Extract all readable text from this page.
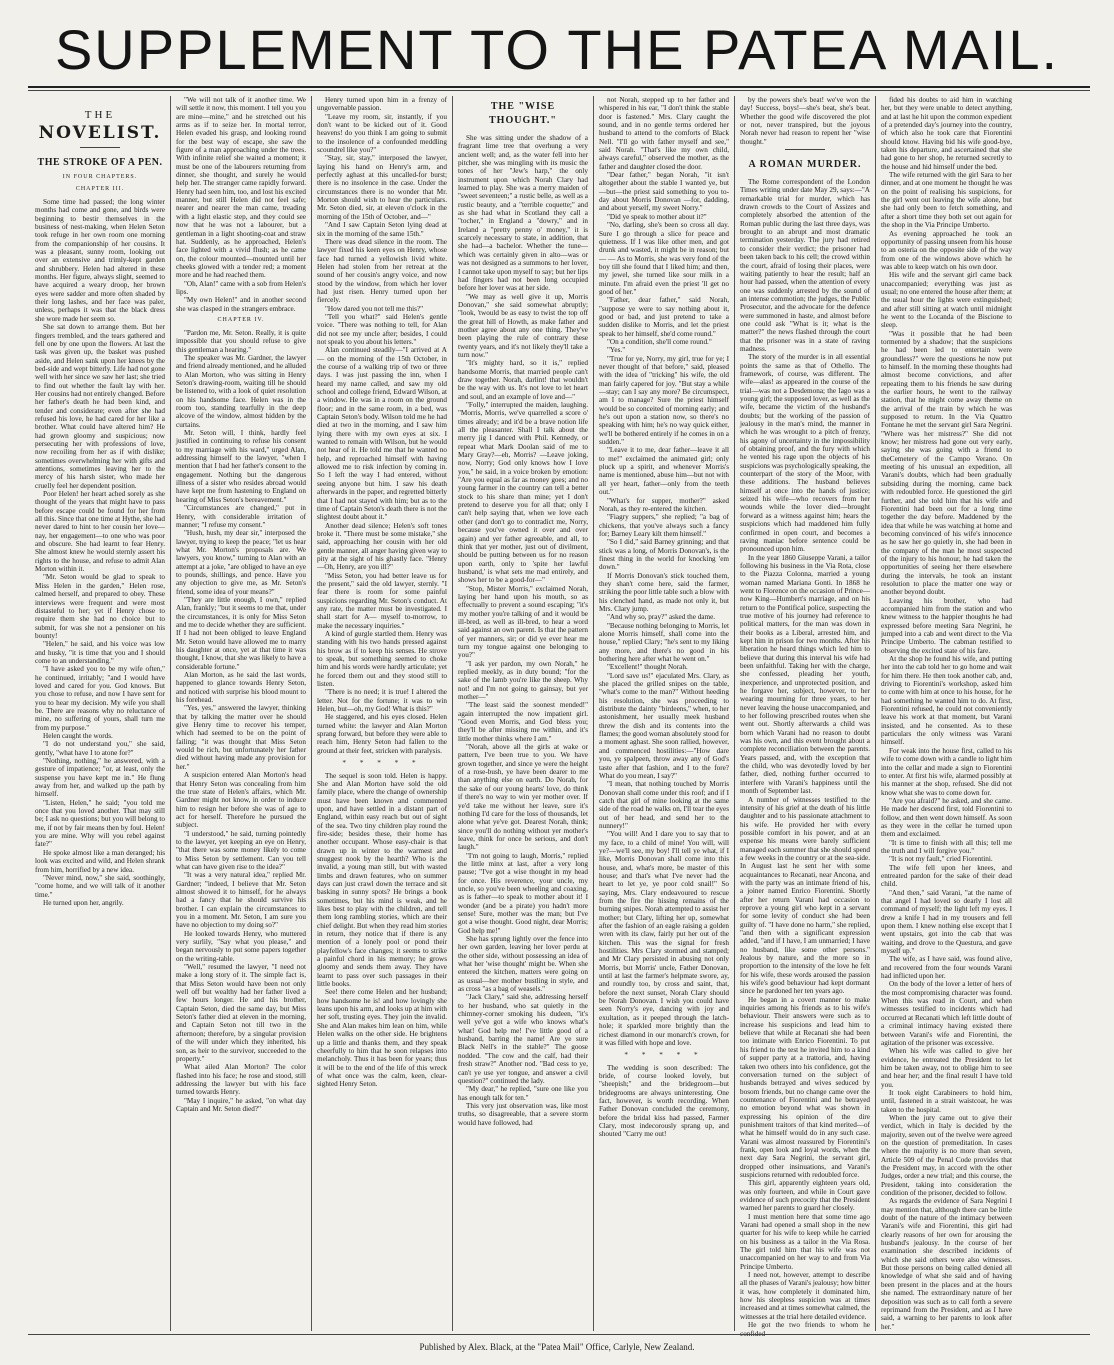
SUPPLEMENT TO THE PATEA MAIL.
THE
NOVELIST.
THE STROKE OF A PEN.
IN FOUR CHAPTERS.
CHAPTER III.

Some time had passed; the long winter months had come and gone, and birds were beginning to bestir themselves in the business of nest-making, when Helen Seton took refuge in her own room one morning from the companionship of her cousins. It was a pleasant, sunny room, looking out over an extensive and trimly-kept garden and shrubbery. Helen had altered in these months. Her figure, always slight, seemed to have acquired a weary droop, her brown eyes were sadder and more often shaded by their long lashes, and her face was paler, unless, perhaps it was that the black dress she wore made her seem so.

She sat down to arrange them. But her fingers trembled, and the tears gathered and fell one by one upon the flowers. At last the task was given up, the basket was pushed aside, and Helen sank upon her knees by the bed-side and wept bitterly. Life had not gone well with her since we saw her last; she tried to find out whether the fault lay with her. Her cousins had not entirely changed. Before her father's death he had been kind, and tender and considerate; even after she had refused his love, he had cared for her like a brother. What could have altered him? He had grown gloomy and suspicious; now persecuting her with professions of love, now recoiling from her as if with dislike; sometimes overwhelming her with gifts and attentions, sometimes leaving her to the mercy of his harsh sister, who made her cruelly feel her dependent position.

Poor Helen! her heart ached sorely as she thought of the years that might have to pass before escape could be found for her from all this. Since that one time at Hythe, she had never dared to hint to her cousin her love—nay, her engagement—to one who was poor and obscure. She had learnt to fear Henry. She almost knew he would sternly assert his rights to the house, and refuse to admit Alan Morton within it.

"Mr. Seton would be glad to speak to Miss Helen in the garden," Helen rose, calmed herself, and prepared to obey. These interviews were frequent and were most distasteful to her; yet if Henry chose to require them she had no choice but to submit, for was she not a pensioner on his bounty!

"Helen," he said, and his voice was low and husky, "it is time that you and I should come to an understanding."

"I have asked you to be my wife often," he continued, irritably; "and I would have loved and cared for you. God knows. But you chose to refuse, and now I have sent for you to hear my decision. My wife you shall be. There are reasons why no reluctance of mine, no suffering of yours, shall turn me from my purpose."

Helen caught the words.

"I do not understand you," she said, gently, "what have I to atone for?"

"Nothing, nothing," he answered, with a gesture of impatience; "or, at least, only the suspense you have kept me in." He flung away from her, and walked up the path by himself.

"Listen, Helen," he said; "you told me once that you loved another. That may still be; I ask no questions; but you will belong to me, if not by fair means then by foul. Helen! you are mine. Why will you rebel against fate?"

He spoke almost like a man deranged; his look was excited and wild, and Helen shrank from him, horrified by a new idea.

"Never mind, now," she said, soothingly, "come home, and we will talk of it another time."

He turned upon her, angrily.

"We will not talk of it another time. We will settle it now, this moment. I tell you you are mine—mine," and he stretched out his arms as if to seize her. In mortal terror, Helen evaded his grasp, and looking round for the best way of escape, she saw the figure of a man approaching under the trees. With infinite relief she waited a moment; it must be one of the labourers returning from dinner, she thought, and surely he would help her. The stranger came rapidly forward. Henry had seen him, too, and lost his excited manner, but still Helen did not feel safe; nearer and nearer the man came, treading with a light elastic step, and they could see now that he was not a labourer, but a gentleman in a light shooting-coat and straw hat. Suddenly, as he approached, Helen's face lighted with a vivid flush; as he came on, the colour mounted—mounted until her cheeks glowed with a tender red; a moment more and he had reached them.

"Oh, Alan!" came with a sob from Helen's lips.

"My own Helen!" and in another second she was clasped in the strangers embrace.

CHAPTER IV.

"Pardon me, Mr. Seton. Really, it is quite impossible that you should refuse to give this gentleman a hearing."

The speaker was Mr. Gardner, the lawyer and friend already mentioned, and he alluded to Alan Morton, who was sitting in Henry Seton's drawing-room, waiting till he should be listened to, with a look of quiet resolution on his handsome face. Helen was in the room too, standing tearfully in the deep alcove of the window, almost hidden by the curtains.

Mr. Seton will, I think, hardly feel justified in continuing to refuse his consent to my marriage with his ward," urged Alan, addressing himself to the lawyer, "when I mention that I had her father's consent to the engagement. Nothing but the dangerous illness of a sister who resides abroad would have kept me from hastening to England on hearing of Miss Seton's bereavement."

"Circumstances are changed," put in Henry, with considerable irritation of manner; "I refuse my consent."

"Hush, hush, my dear sir," interposed the lawyer, trying to keep the peace; "let us hear what Mr. Morton's proposals are. We lawyers, you know," turning to Alan with an attempt at a joke, "are obliged to have an eye to pounds, shillings, and pence. Have you any objection to give me, as Mr. Seton's friend, some idea of your means?"

"They are little enough, I own," replied Alan, frankly; "but it seems to me that, under the circumstances, it is only for Miss Seton and me to decide whether they are sufficient. If I had not been obliged to leave England Mr. Seton would have allowed me to marry his daughter at once, yet at that time it was thought, I know, that she was likely to have a considerable fortune."

Alan Morton, as he said the last words, happened to glance towards Henry Seton, and noticed with surprise his blood mount to his forehead.

"Yes, yes," answered the lawyer, thinking that by talking the matter over he should give Henry time to recover his temper, which had seemed to be on the point of failing; "it was thought that Miss Seton would be rich, but unfortunately her father died without having made any provision for her."

A suspicion entered Alan Morton's head that Henry Seton was concealing from him the true state of Helen's affairs, which Mr. Gardner might not know, in order to induce him to resign her before she was of age to act for herself. Therefore he pursued the subject.

"I understood," he said, turning pointedly to the lawyer, yet keeping an eye on Henry, "that there was some money likely to come to Miss Seton by settlement. Can you tell what can have given rise to the idea?"

"It was a very natural idea," replied Mr. Gardner; "indeed, I believe that Mr. Seton almost showed it to himself, for he always had a fancy that he should survive his brother. I can explain the circumstances to you in a moment. Mr. Seton, I am sure you have no objection to my doing so?"

He looked towards Henry, who muttered very surlily, "Say what you please," and began nervously to put some papers together on the writing-table.

"Well," resumed the lawyer, "I need not make a long story of it. The simple fact is, that Miss Seton would have been not only well off but wealthy had her father lived a few hours longer. He and his brother, Captain Seton, died the same day, but Miss Seton's father died at eleven in the morning, and Captain Seton not till two in the afternoon; therefore, by a singular provision of the will under which they inherited, his son, as heir to the survivor, succeeded to the property."

What ailed Alan Morton? The color flashed into his face; he rose and stood, still addressing the lawyer but with his face turned towards Henry.

"May I inquire," he asked, "on what day Captain and Mr. Seton died?"

Henry turned upon him in a frenzy of ungovernable passion.

"Leave my room, sir, instantly, if you don't want to be kicked out of it. Good heavens! do you think I am going to submit to the insolence of a confounded meddling scoundrel like you?"

"Stay, sir, stay," interposed the lawyer, laying his hand on Henry's arm, and perfectly aghast at this uncalled-for burst; there is no insolence in the case. Under the circumstances there is no wonder that Mr. Morton should wish to hear the particulars. Mr. Seton died, sir, at eleven o'clock in the morning of the 15th of October, and—"

"And I saw Captain Seton lying dead at six in the morning of the same 15th."

There was dead silence in the room. The lawyer fixed his keen eyes on Henry, whose face had turned a yellowish livid white. Helen had stolen from her retreat at the sound of her cousin's angry voice, and now stood by the window, from which her lover had just risen. Henry turned upon her fiercely.

"How dared you not tell me this?"

"Tell you what?" said Helen's gentle voice. "There was nothing to tell, for Alan did not see my uncle after; besides, I could not speak to you about his letters."

Alan continued steadily—"I arrived at A— on the morning of the 15th October, in the course of a walking trip of two or three days. I was just passing the inn, when I heard my name called, and saw my old school and college friend, Edward Wilson, at a window. He was in a room on the ground floor; and in the same room, in a bed, was Captain Seton's body. Wilson told me he had died at two in the morning, and I saw him lying there with my own eyes at six. I wanted to remain with Wilson, but he would not hear of it. He told me that he wanted no help, and reproached himself with having allowed me to risk infection by coming in. So I left the way I had entered, without seeing anyone but him. I saw his death afterwards in the paper, and regretted bitterly that I had not stayed with him; but as to the time of Captain Seton's death there is not the slightest doubt about it."

Another dead silence; Helen's soft tones broke it. "There must be some mistake," she said, approaching her cousin with her old gentle manner, all anger having given way to pity at the sight of his ghastly face. "Henry—Oh, Henry, are you ill?"

"Miss Seton, you had better leave us for the present," said the old lawyer, sternly. "I fear there is room for some painful suspicions regarding Mr. Seton's conduct. At any rate, the matter must be investigated. I shall start for A— myself to-morrow, to make the necessary inquiries."

A kind of gurgle startled them. Henry was standing with his two hands pressed against his brow as if to keep his senses. He strove to speak, but something seemed to choke him and his words were hardly articulate; yet he forced them out and they stood still to listen.

"There is no need; it is true! I altered the letter. Not for the fortune; it was to win Helen, but—oh, my God! What is this?"

He staggered, and his eyes closed. Helen turned white: the lawyer and Alan Morton sprang forward, but before they were able to reach him, Henry Seton had fallen to the ground at their feet, stricken with paralysis.

* * * * *

The sequel is soon told. Helen is happy. She and Alan Morton have sold the old family place, where the change of ownership must have been known and commented upon, and have settled in a distant part of England, within easy reach but out of sight of the sea. Two tiny children play round the fire-side; besides these, their home has another occupant. Whose easy-chair is that drawn up in winter to the warmest and snuggest nook by the hearth? Who is the invalid, a young man still, but with wasted limbs and drawn features, who on summer days can just crawl down the terrace and sit basking in sunny spots? He brings a book sometimes, but his mind is weak, and he likes best to play with the children, and tell them long rambling stories, which are their chief delight. But when they read him stories in return, they notice that if there is any mention of a lonely pool or pond their playfellow's face changes; it seems to strike a painful chord in his memory; he grows gloomy and sends them away. They have learnt to pass over such passages in their little books.

See! there come Helen and her husband; how handsome he is! and how lovingly she leans upon his arm, and looks up at him with her soft, trusting eyes. They join the invalid. She and Alan makes him lean on him, while Helen walks on the other side. He brightens up a little and thanks them, and they speak cheerfully to him that he soon relapses into melancholy. Thus it has been for years; thus it will be to the end of the life of this wreck of what once was the calm, keen, clear-sighted Henry Seton.

THE "WISE THOUGHT."

She was sitting under the shadow of a fragrant lime tree that overhung a very ancient well; and, as the water fell into her pitcher, she was mingling with its music the tones of her "Jew's harp," the only instrument upon which Norah Clary had learned to play. She was a merry maiden of "sweet seventeen;" a rustic belle, as well as a rustic beauty, and a "terrible coquette;" and as she had what in Scotland they call a "tocher," in England a "dowry," and in Ireland a "pretty penny o' money," it is scarcely necessary to state, in addition, that she had—a bachelor. Whether the tune—which was certainly given in alto—was or was not designed as a summons to her lover, I cannot take upon myself to say; but her lips had fingers had not been long occupied before her lover was at her side.

"We may as well give it up, Morris Donovan," she said somewhat abruptly; "look, 'twould be as easy to twist the top off the great hill of Howth, as make father and mother agree about any one thing. They've been playing the rule of contrary these twenty years, and it's not likely they'll take a turn now."

"It's mighty hard, so it is," replied handsome Morris, that married people can't draw together. Norah, darlint! that wouldn't be the way with us. It's not love to let heart and soul, and an example of love and—"

"Folly," interrupted the maiden, laughing. "Morris, Morris, we've quarrelled a score o' times already; and it'd be a brave notion life all the pleasanter. Shall I talk about the merry jig I danced with Phil. Kennedy, or repeat what Mark Doolan said of me to Mary Gray?—eh, Morris? —Leave joking, now, Norry; God only knows how I love you," he said, in a voice broken by emotion: "Are you equal as far as money goes; and no young farmer in the country can tell a better stock to his share than mine; yet I don't pretend to deserve you for all that; only I can't help saying that, when we love each other (and don't go to contradict me, Norry, because you've owned it over and over again) and yer father agreeable, and all, to think that yer mother, just out of divilment, should be putting between us for no reason upon earth, only to 'spite her lawful husband,' is what sets me mad entirely, and shows her to be a good-for—"

"Stop, Mister Morris," exclaimed Norah, laying her hand upon his mouth, so as effectually to prevent a sound escaping; "it's my mother you're talking of and it would be ill-bred, as well as ill-bred, to hear a word said against an own parent. Is that the pattern of yer manners, sir; or did ye ever hear me turn my tongue against one belonging to you?"

"I ask yer pardon, my own Norah," he replied meekly, as in duty bound; "for the sake of the lamb you're like the sheep. Why not! and I'm not going to gainsay, but yer mother—"

"The least said the soonest mended!" again interrupted the now impatient girl. "Good even Morris, and God bless you; they'll be after missing me within, and it's little mother thinks where I am."

"Norah, above all the girls at wake or pattern, I've been true to you. We have grown together, and since ye were the height of a rose-bush, ye have been dearer to me than anything else on earth. Do Norah, for the sake of our young hearts' love, do think if there's no way to win yer mother over. If ye'd take me without her leave, sure it's nothing I'd care for the loss of thousands, let alone what ye've got. Dearest Norah, think; since you'll do nothing without yer mother's leave, think for once be serious, and don't laugh."

"I'm not going to laugh, Morris," replied the little minx at last, after a very long pause; "I've got a wise thought in my head for once. His reverence, your uncle, my uncle, so you've been wheeling and coaxing, as is father—to speak to mother about it! I wonder (and be a pirate) you hadn't more sense! Sure, mother was the man; but I've got a wise thought. Good night, dear Morris; God help me!"

She has sprung lightly over the fence into her own garden, leaving her lover perdu at the other side, without possessing an idea of what her 'wise thought' might be. When she entered the kitchen, matters were going on as usual—her mother bustling in style, and as cross "as a bag of weasels."

"Jack Clary," said she, addressing herself to her husband, who sat quietly in the chimney-corner smoking his dudeen, "it's well ye've got a wife who knows what's what! God help me! I've little good of a husband, barring the name! Are ye sure Black Nell's in the stable?" The goose nodded. "The cow and the calf, had their fresh straw?" Another nod. "Bad cess to ye, can't ye use yer tongue, and answer a civil question?" continued the lady.

"My dear," he replied, "sure one like you has enough talk for ten."

This very just observation was, like most truths, so disagreeable, that a severe storm would have followed, had

not Norah, stepped up to her father and whispered in his ear, "I don't think the stable door is fastened." Mrs. Clary caught the sound, and in no gentle terms ordered her husband to attend to the comforts of Black Nell. "I'll go with father myself and see," said Norah. "That's like my own child, always careful," observed the mother, as the father and daughter closed the door.

"Dear father," began Norah, "it isn't altogether about the stable I wanted ye, but—but—the priest said something to you to-day about Morris Donovan —for, dadding, and about yerself, my sweet Norry."

"Did ye speak to mother about it?"

"No, darling, she's been so cross all day. Sure I go through a slice for peace and quietness. If I was like other men, and got drunk and wasted, it might be in reason; but — — As to Morris, she was very fond of the boy till she found that I liked him; and then, my jewel, she turned like sour milk in a minute. I'm afraid even the priest 'll get no good of her."

"Father, dear father," said Norah, "suppose ye were to say nothing about it, good or bad, and just pretend to take a sudden dislike to Morris, and let the priest speak to her himself, she'd come round."

"On a condition, she'll come round."

"Yes."

"True for ye, Norry, my girl, true for ye; I never thought of that before," said, pleased with the idea of "tricking" his wife, the old man fairly capered for joy. "But stay a while—stay; can I say any more? Be circumspect, am I to manage? Sure the priest himself would be so conceited of morning early; and he's out upon a station now, so there's no speaking with him; he's no way quick either, we'll be bothered entirely if he comes in on a sudden."

"Leave it to me, dear father—leave it all to me!" exclaimed the animated girl; only pluck up a spirit, and whenever Morris's name is mentioned, abuse him—but not with all yer heart, father—only from the teeth out."

"What's for supper, mother?" asked Norah, as they re-entered the kitchen.

"Fiagry suppers," she replied; "a bag of chickens, that you've always such a fancy for; Barney Leary kilt them himself."

"So I did," said Barney grinning; and that stick was a long, of Morris Donovan's, is the finest thing in the world for knocking 'em down."

If Morris Donovan's stick touched them, they shan't come here, said the farmer, striking the poor little table such a blow with his clenched hand, as made not only it, but Mrs. Clary jump.

"And why so, pray?" asked the dame.

"Because nothing belonging to Morris, let alone Morris himself, shall come into the house," replied Clary; "he's sent to my liking any more, and there's no good in his bothering here after what he went on."

"Excellent!" thought Norah.

"Lord save us!" ejaculated Mrs. Clary, as she placed the grilled snipes on the table, "what's come to the man?" Without heeding his resolution, she was proceeding to distribute the dainty "birdeens," when, to her astonishment, her usually meek husband threw the dish and its contents into the flames; the good woman absolutely stood for a moment aghast. She soon rallied, however, and commenced hostilities:—"How dare you, ye spalpeen, throw away any of God's taste after that fashion, and I to the fore? What do you mean, I say?"

"I mean, that nothing touched by Morris Donovan shall come under this roof; and if I catch that girl of mine looking at the same side of the road he walks on, I'll tear the eyes out of her head, and send her to the nunnery!"

"You will! And I dare you to say that to my face, to a child of mine! You will, will ye?—we'll see, my boy! I'll tell ye what, if I like, Morris Donovan shall come into this house, and, what's more, be master of this house; and that's what I've never had the heart to let ye, ye poor cold snail!" So saying, Mrs. Clary endeavoured to rescue from the fire the hissing remains of the burning snipes. Norah attempted to assist her mother; but Clary, lifting her up, somewhat after the fashion of an eagle raising a golden wren with its claw, fairly put her out of the kitchen. This was the signal for fresh hostilities. Mrs Clary stormed and stamped; and Mr Clary persisted in abusing not only Morris, but Morris' uncle, Father Donovan, until at last the farmer's helpmate swore, ay, and roundly too, by cross and saint, that, before the next sunset, Norah Clary should be Norah Donovan. I wish you could have seen Norry's eye, dancing with joy and exultation, as it peeped through the latch-hole; it sparkled more brightly than the richest diamond in our monarch's crown, for it was filled with hope and love.

* * * * *

The wedding is soon described: The bride, of course looked lovely, but "sheepish;" and the bridegroom—but bridegrooms are always uninteresting. One fact, however, is worth recording. When Father Donovan concluded the ceremony, before the bridal kiss had passed, Farmer Clary, most indecorously sprang up, and shouted "Carry me out!

by the powers she's beat! we've won the day! Success, boys!—she's beat, she's beat. Whether the good wife discovered the plot or not, never transpired, but the joyous Norah never had reason to repent her "wise thought."

A ROMAN MURDER.

The Rome correspondent of the London Times writing under date May 29, says:—"A remarkable trial for murder, which has drawn crowds to the Court of Assizes and completely absorbed the attention of the Roman public during the last three days, was brought to an abrupt and most dramatic termination yesterday. The jury had retired to consider their verdict; the prisoner had been taken back to his cell; the crowd within the court, afraid of losing their places, were waiting patiently to hear the result; half an hour had passed, when the attention of every one was suddenly arrested by the sound of an intense commotion; the judges, the Public Prosecutor, and the advocate for the defence were summoned in haste, and almost before one could ask "What is it; what is the matter?" the news flashed through the court that the prisoner was in a state of raving madness.

The story of the murder is in all essential points the same as that of Othello. The framework, of course, was different. The wife—alas! as appeared in the course of the trial—was not a Desdemona; the Iago was a young girl; the supposed lover, as well as the wife, became the victim of the husband's doubts; but the working of the passion of jealousy in the man's mind, the manner in which he was wrought to a pitch of frenzy, his agony of uncertainty in the impossibility of obtaining proof, and the fury with which he vented his rage upon the objects of his suspicions was psychologically speaking, the counterpart of the story of the Moor, with these additions. The husband believes himself at once into the hands of justice; seized his wife—who recovers from her wounds while the lover died—brought forward as a witness against him; hears the suspicions which had maddened him fully confirmed in open court, and becomes a raving maniac before sentence could be pronounced upon him.

In the year 1860 Giuseppe Varani, a tailor following his business in the Via Rota, close to the Piazza Colonna, married a young woman named Mariana Gonti. In 1868 he went to Florence on the occasion of Prince—now King—Humbert's marriage, and on his return to the Pontifical police, suspecting the true motive of his journey had reference to political matters, for the man was down in their books as a Liberal, arrested him, and kept him in prison for two months. After his liberation he heard things which led him to believe that during this interval his wife had been unfaithful. Taking her with the charge, she confessed, pleading her youth, inexperience, and unprotected position, and he forgave her, subject, however, to her wearing mourning for three years, to her never leaving the house unaccompanied, and to her following prescribed routes when she went out. Shortly afterwards a child was born which Varani had no reason to doubt was his own, and this event brought about a complete reconciliation between the parents. Years passed, and, with the exception that the child, who was devotedly loved by her father, died, nothing further occurred to interfere with Varani's happiness until the month of September last.

A number of witnesses testified to the intensity of his grief at the death of his little daughter and to his passionate attachment to his wife. He provided her with every possible comfort in his power, and at an expense his means were barely sufficient managed each summer that she should spend a few weeks in the country or at the sea-side. In August last he sent her with some acquaintances to Recanati, near Ancona, and with the party was an intimate friend of his, a joiner named Enrico Fiorentini. Shortly after her return Varani had occasion to reprove a young girl who kept in a servant for some levity of conduct she had been guilty of. "I have done no harm," she replied, "and then with a significant expression added, "and if I have, I am unmarried; I have no husband, like some other persons." Jealous by nature, and the more so in proportion to the intensity of the love he felt for his wife, these words aroused the passion his wife's good behaviour had kept dormant since he pardoned her ten years ago.

He began in a covert manner to make inquiries among his friends as to his wife's behaviour. Their answers were such as to increase his suspicions and lead him to believe that while at Recanati she had been too intimate with Enrico Fiorentini. To put his friend to the test he invited him to a kind of supper party at a trattoria, and, having taken two others into his confidence, got the conversation turned on the subject of husbands betrayed and wives seduced by bosom friends, but no change came over the countenance of Fiorentini and he betrayed no emotion beyond what was shown in expressing his opinion of the dire punishment traitors of that kind merited—of what he himself would do in any such case. Varani was almost reassured by Fiorentini's frank, open look and loyal words, when the next day Sara Negrini, the servant girl, dropped other insinuations, and Varani's suspicions returned with redoubled force.

This girl, apparently eighteen years old, was only fourteen, and while in Court gave evidence of such precocity that the President warned her parents to guard her closely.

I must mention here that some time ago Varani had opened a small shop in the new quarter for his wife to keep while he carried on his business as a tailor in the Via Rosa. The girl told him that his wife was not unaccompanied on her way to and from Via Principe Umberto.

I need not, however, attempt to describe all the phases of Varani's jealousy; how bitter it was, how completely it dominated him, how his sleepless suspicion was at times increased and at times somewhat calmed, the witnesses at the trial here detailed evidence.

He got the two friends to whom he confided

fided his doubts to aid him in watching her, but they were unable to detect anything, and at last he hit upon the common expedient of a pretended day's journey into the country, of which also he took care that Fiorentini should know. Having bid his wife good-bye, taken his departure, and ascertained that she had gone to her shop, he returned secretly to the house and hid himself under the bed.

The wife returned with the girl Sara to her dinner, and at one moment he thought he was on the point of realising his suspicions, for the girl went out leaving the wife alone, but she had only been to fetch something, and after a short time they both set out again for the shop in the Via Principe Umberto.

As evening approached he took an opportunity of passing unseen from his house to an osteria on the opposite side of the way from one of the windows above which he was able to keep watch on his own door.

His wife and the servant girl came back unaccompanied; everything was just as usual; no one entered the house after them; at the usual hour the lights were extinguished; and after still sitting at watch until midnight he went to the Locanda of the Biscione to sleep.

"Was it possible that he had been tormented by a shadow; that the suspicions he had been led to entertain were groundless?" were the questions he now put to himself. In the morning these thoughts had almost become convictions, and after repeating them to his friends he saw during the earlier hours, he went to the railway station, that he might come away theme on the arrival of the train by which he was supposed to return. In the Via Quattro Fontane he met the servant girl Sara Negrini. "Where was her mistress?" She did not know; her mistress had gone out very early, saying she was going with a friend to theCemetery of the Campo Verano. On meeting of his unusual an expedition, all Varani's doubts, which had been gradually subsiding during the morning, came back with redoubled force. He questioned the girl further, and she told him that his wife and Fiorentini had been out for a long time together the day before. Maddened by the idea that while he was watching at home and becoming convinced of his wife's innocence as he saw her go quietly in, she had been in the company of the man he most suspected of the injury to his honour, he had taken the opportunities of seeing her there elsewhere during the intervals, he took an instant resolution to place the matter one way or another beyond doubt.

Leaving his brother, who had accompanied him from the station and who knew witness to the happier thoughts he had expressed before meeting Sara Negrini, he jumped into a cab and went direct to the Via Principe Umberto. The cabman testified to observing the excited state of his fare.

At the shop he found his wife, and putting her into the cab told her to go home and wait for him there. He then took another cab, and, driving to Fiorentini's workshop, asked him to come with him at once to his house, for he had something he wanted him to do. At first, Fiorentini refused, he could not conveniently leave his work at that moment, but Varani insisted, and he consented. As to these particulars the only witness was Varani himself.

For weak into the house first, called to his wife to come down with a candle to light him into the cellar and made a sign to Fiorentini to enter. At first his wife, alarmed possibly at his manner at the shop, refused. She did not know what she was to come down for.

"Are you afraid?" he asked, and she came. He made her descend first, told Fiorentini to follow, and then went down himself. As soon as they were in the cellar he turned upon them and exclaimed.

"It is time to finish with all this; tell me the truth and I will forgive you."

"It is not my fault," cried Fiorentini.

The wife fell upon her knees, and entreated pardon for the sake of their dead child.

"And then," said Varani, "at the name of that angel I had loved so dearly I lost all command of myself; the light left my eyes. I drew a knife I had in my trousers and fell upon them. I knew nothing else except that I went upstairs, got into the cab that was waiting, and drove to the Questura, and gave myself up."

The wife, as I have said, was found alive, and recovered from the four wounds Varani had inflicted upon her.

On the body of the lover a letter of hers of the most compromising character was found. When this was read in Court, and when witnesses testified to incidents which had occurred at Recanati which left little doubt of a criminal intimacy having existed there between Varani's wife and Fiorentini, the agitation of the prisoner was excessive.

When his wife was called to give her evidence, he entreated the President to let him be taken away, not to oblige him to see and hear her; and the final result I have told you.

It took eight Carabineers to hold him, until, fastened in a strait waistcoat, he was taken to the hospital.

When the jury came out to give their verdict, which in Italy is decided by the majority, seven out of the twelve were agreed on the question of premeditation. In cases where the majority is no more than seven, Article 509 of the Penal Code provides that the President may, in accord with the other Judges, order a new trial; and this course, the President, taking into consideration the condition of the prisoner, decided to follow.

As regards the evidence of Sara Negrini I may mention that, although there can be little doubt of the nature of the intimacy between Varani's wife and Fiorentini, this girl had clearly reasons of her own for arousing the husband's jealousy. In the course of her examination she described incidents of which she said others were also witnesses. But those persons on being called denied all knowledge of what she said and of having been present in the places and at the hours she named. The extraordinary nature of her deposition was such as to call forth a severe reprimand from the President, and as I have said, a warning to her parents to look after her."

Published by Alex. Black, at the "Patea Mail" Office, Carlyle, New Zealand.
